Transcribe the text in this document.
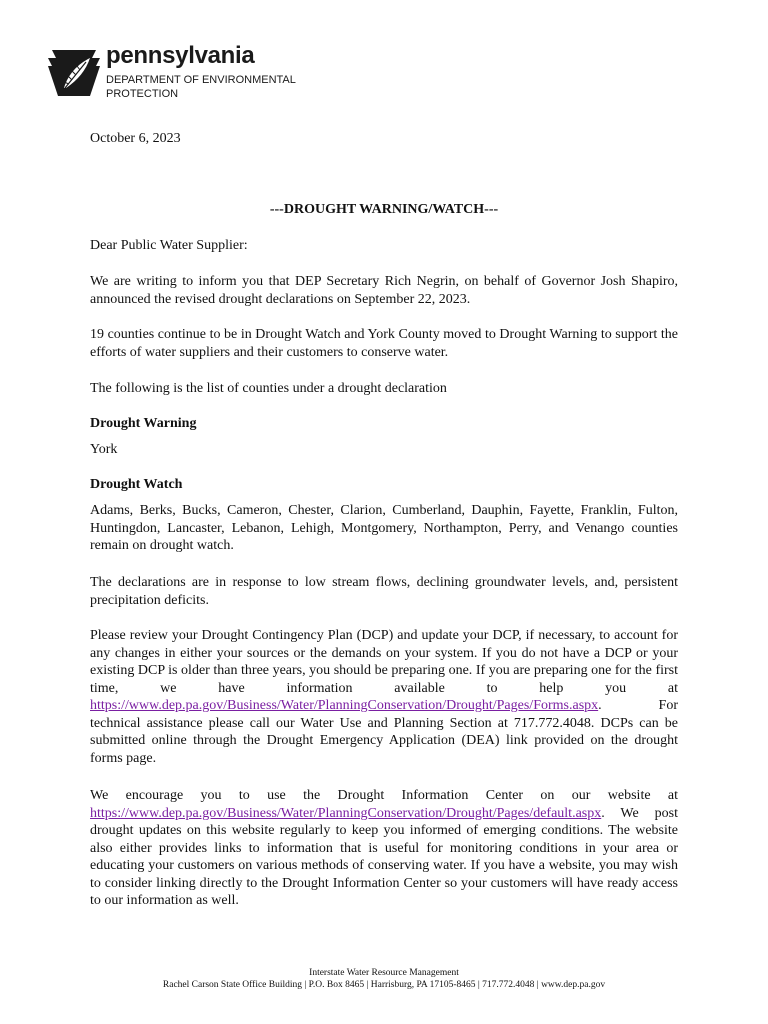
pennsylvania
DEPARTMENT OF ENVIRONMENTAL
PROTECTION

October 6, 2023

---DROUGHT WARNING/WATCH---

Dear Public Water Supplier:

We are writing to inform you that DEP Secretary Rich Negrin, on behalf of Governor Josh Shapiro, announced the revised drought declarations on September 22, 2023.

19 counties continue to be in Drought Watch and York County moved to Drought Warning to support the efforts of water suppliers and their customers to conserve water.

The following is the list of counties under a drought declaration

Drought Warning

York

Drought Watch

Adams, Berks, Bucks, Cameron, Chester, Clarion, Cumberland, Dauphin, Fayette, Franklin, Fulton, Huntingdon, Lancaster, Lebanon, Lehigh, Montgomery, Northampton, Perry, and Venango counties remain on drought watch.

The declarations are in response to low stream flows, declining groundwater levels, and, persistent precipitation deficits.

Please review your Drought Contingency Plan (DCP) and update your DCP, if necessary, to account for any changes in either your sources or the demands on your system. If you do not have a DCP or your existing DCP is older than three years, you should be preparing one. If you are preparing one for the first time, we have information available to help you at https://www.dep.pa.gov/Business/Water/PlanningConservation/Drought/Pages/Forms.aspx. For technical assistance please call our Water Use and Planning Section at 717.772.4048. DCPs can be submitted online through the Drought Emergency Application (DEA) link provided on the drought forms page.

We encourage you to use the Drought Information Center on our website at https://www.dep.pa.gov/Business/Water/PlanningConservation/Drought/Pages/default.aspx. We post drought updates on this website regularly to keep you informed of emerging conditions. The website also either provides links to information that is useful for monitoring conditions in your area or educating your customers on various methods of conserving water. If you have a website, you may wish to consider linking directly to the Drought Information Center so your customers will have ready access to our information as well.

Interstate Water Resource Management
Rachel Carson State Office Building | P.O. Box 8465 | Harrisburg, PA 17105-8465 | 717.772.4048 | www.dep.pa.gov
